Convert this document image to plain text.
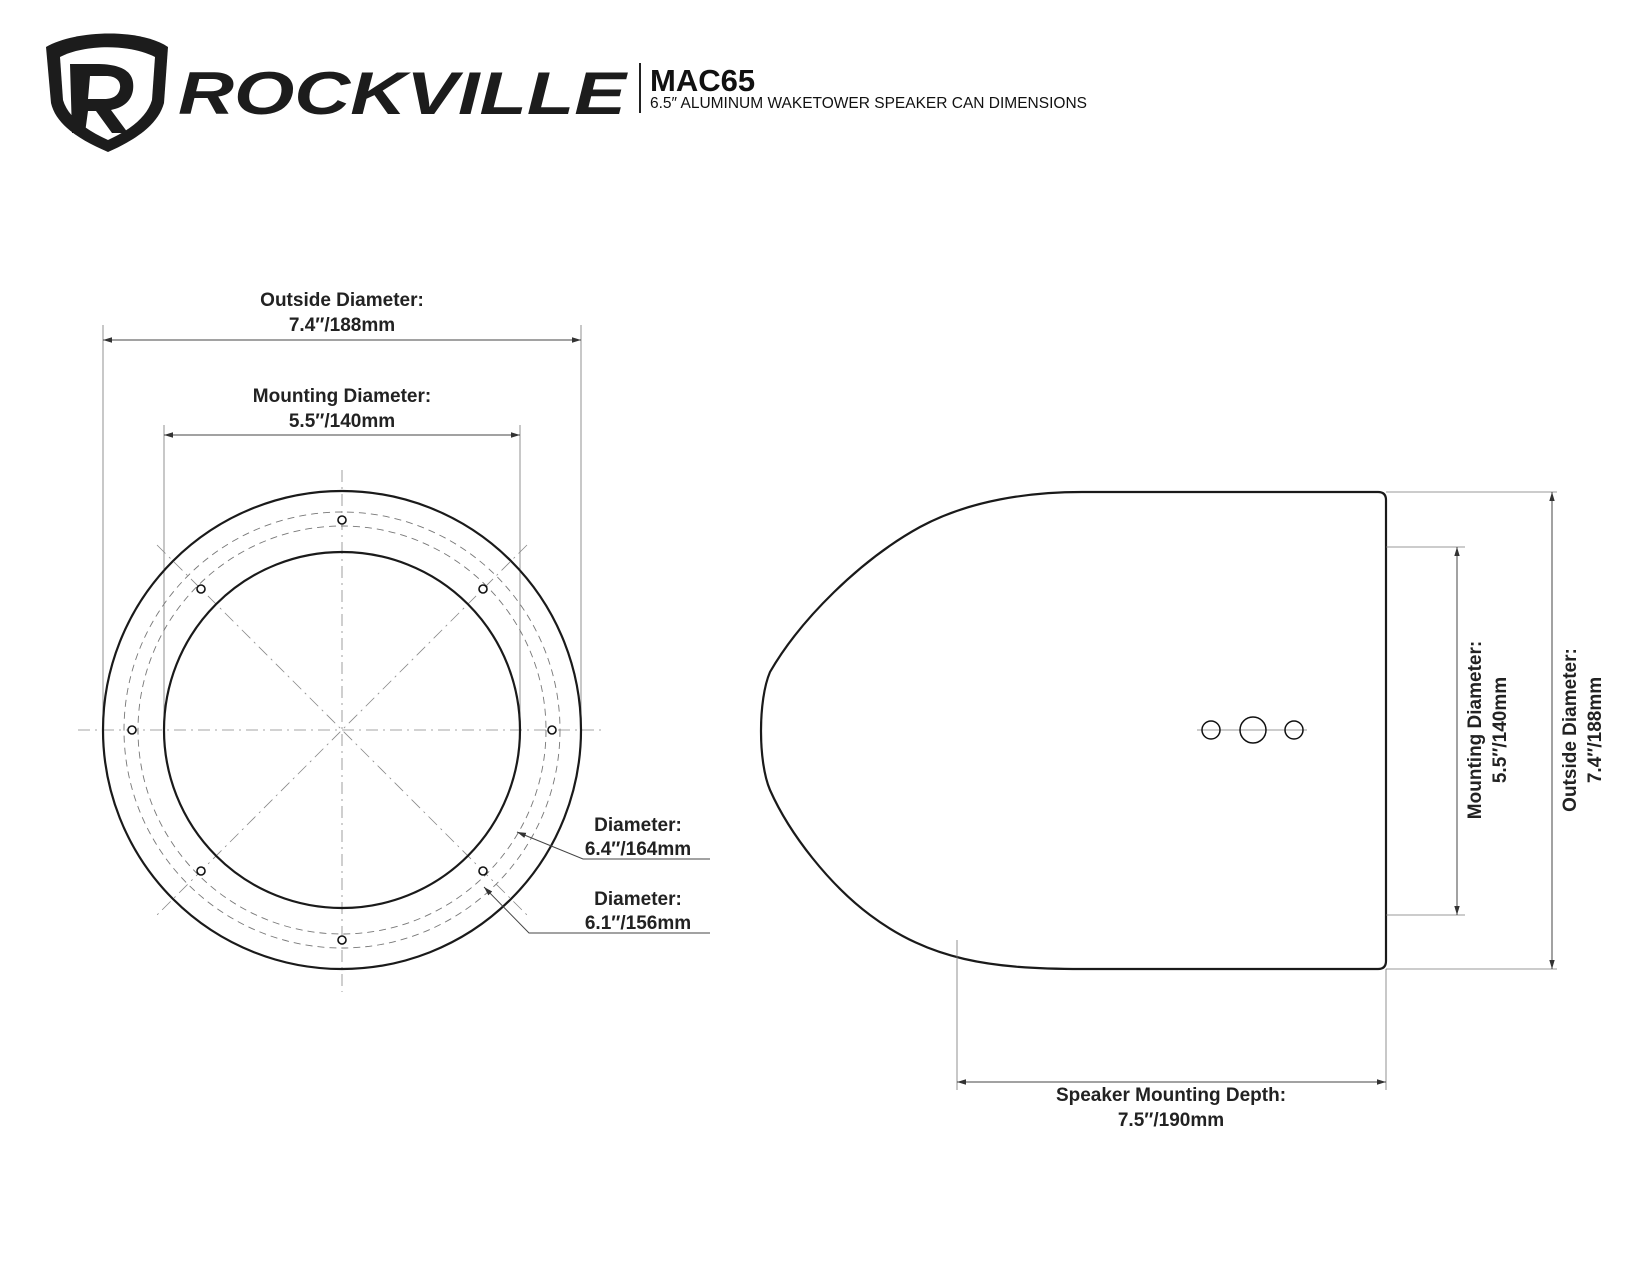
ROCKVILLE MAC65
6.5″ ALUMINUM WAKETOWER SPEAKER CAN DIMENSIONS
Outside Diameter:
7.4″/188mm
Mounting Diameter:
5.5″/140mm
Diameter:
6.4″/164mm
Diameter:
6.1″/156mm
Mounting Diameter: 5.5″/140mm	Outside Diameter: 7.4″/188mm
Speaker Mounting Depth:
7.5″/190mm
